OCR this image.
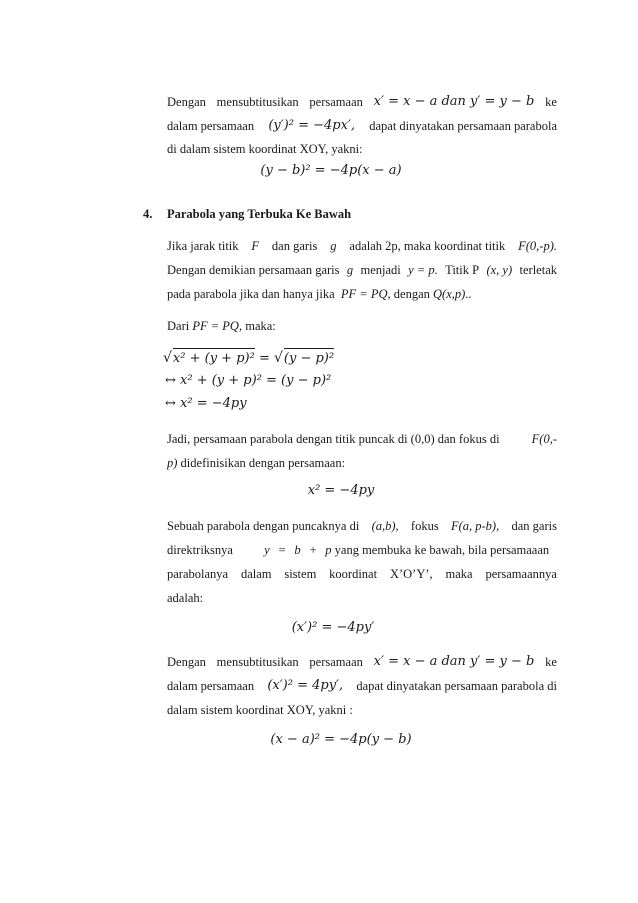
Dengan mensubtitusikan persamaan x′ = x − a dan y′ = y − b ke
dalam persamaan (y′)² = −4px′, dapat dinyatakan persamaan parabola
di dalam sistem koordinat XOY, yakni:
(y − b)² = −4p(x − a)
4. Parabola yang Terbuka Ke Bawah
Jika jarak titik F dan garis g adalah 2p, maka koordinat titik F(0,-p).
Dengan demikian persamaan garis g menjadi y = p. Titik P (x, y) terletak
pada parabola jika dan hanya jika PF = PQ, dengan Q(x,p)..
Dari PF = PQ, maka:
√x² + (y + p)² = √(y − p)²
↔ x² + (y + p)² = (y − p)²
↔ x² = −4py
Jadi, persamaan parabola dengan titik puncak di (0,0) dan fokus di	F(0,-
p) didefinisikan dengan persamaan:
x² = −4py
Sebuah parabola dengan puncaknya di (a,b), fokus F(a, p-b), dan garis
direktriksnya y = b + p yang membuka ke bawah, bila persamaaan
parabolanya dalam sistem koordinat X’O’Y’, maka persamaannya
adalah:
(x′)² = −4py′
Dengan mensubtitusikan persamaan x′ = x − a dan y′ = y − b ke
dalam persamaan (x′)² = 4py′, dapat dinyatakan persamaan parabola di
dalam sistem koordinat XOY, yakni :
(x − a)² = −4p(y − b)
